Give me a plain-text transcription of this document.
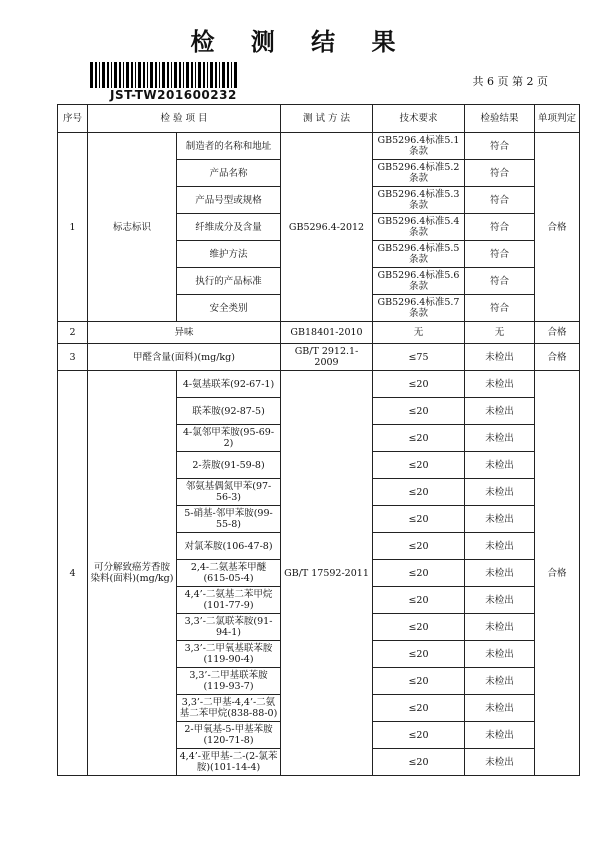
检 测 结 果
JST-TW201600232
共 6 页 第 2 页
序号	检 验 项 目		测 试 方 法	技术要求	检验结果	单项判定
1	标志标识	制造者的名称和地址	GB5296.4-2012	GB5296.4标准5.1条款	符合	合格
		产品名称		GB5296.4标准5.2条款	符合	
		产品号型或规格		GB5296.4标准5.3条款	符合	
		纤维成分及含量		GB5296.4标准5.4条款	符合	
		维护方法		GB5296.4标准5.5条款	符合	
		执行的产品标准		GB5296.4标准5.6条款	符合	
		安全类别		GB5296.4标准5.7条款	符合	
2	异味		GB18401-2010	无	无	合格
3	甲醛含量(面料)(mg/kg)		GB/T 2912.1-2009	≤75	未检出	合格
4	可分解致癌芳香胺染料(面料)(mg/kg)	4-氨基联苯(92-67-1)	GB/T 17592-2011	≤20	未检出	合格
		联苯胺(92-87-5)		≤20	未检出	
		4-氯邻甲苯胺(95-69-2)		≤20	未检出	
		2-萘胺(91-59-8)		≤20	未检出	
		邻氨基偶氮甲苯(97-56-3)		≤20	未检出	
		5-硝基-邻甲苯胺(99-55-8)		≤20	未检出	
		对氯苯胺(106-47-8)		≤20	未检出	
		2,4-二氨基苯甲醚(615-05-4)		≤20	未检出	
		4,4’-二氨基二苯甲烷(101-77-9)		≤20	未检出	
		3,3’-二氯联苯胺(91-94-1)		≤20	未检出	
		3,3’-二甲氧基联苯胺(119-90-4)		≤20	未检出	
		3,3’-二甲基联苯胺(119-93-7)		≤20	未检出	
		3,3’-二甲基-4,4’-二氨基二苯甲烷(838-88-0)		≤20	未检出	
		2-甲氧基-5-甲基苯胺(120-71-8)		≤20	未检出	
		4,4’-亚甲基-二-(2-氯苯胺)(101-14-4)		≤20	未检出	
